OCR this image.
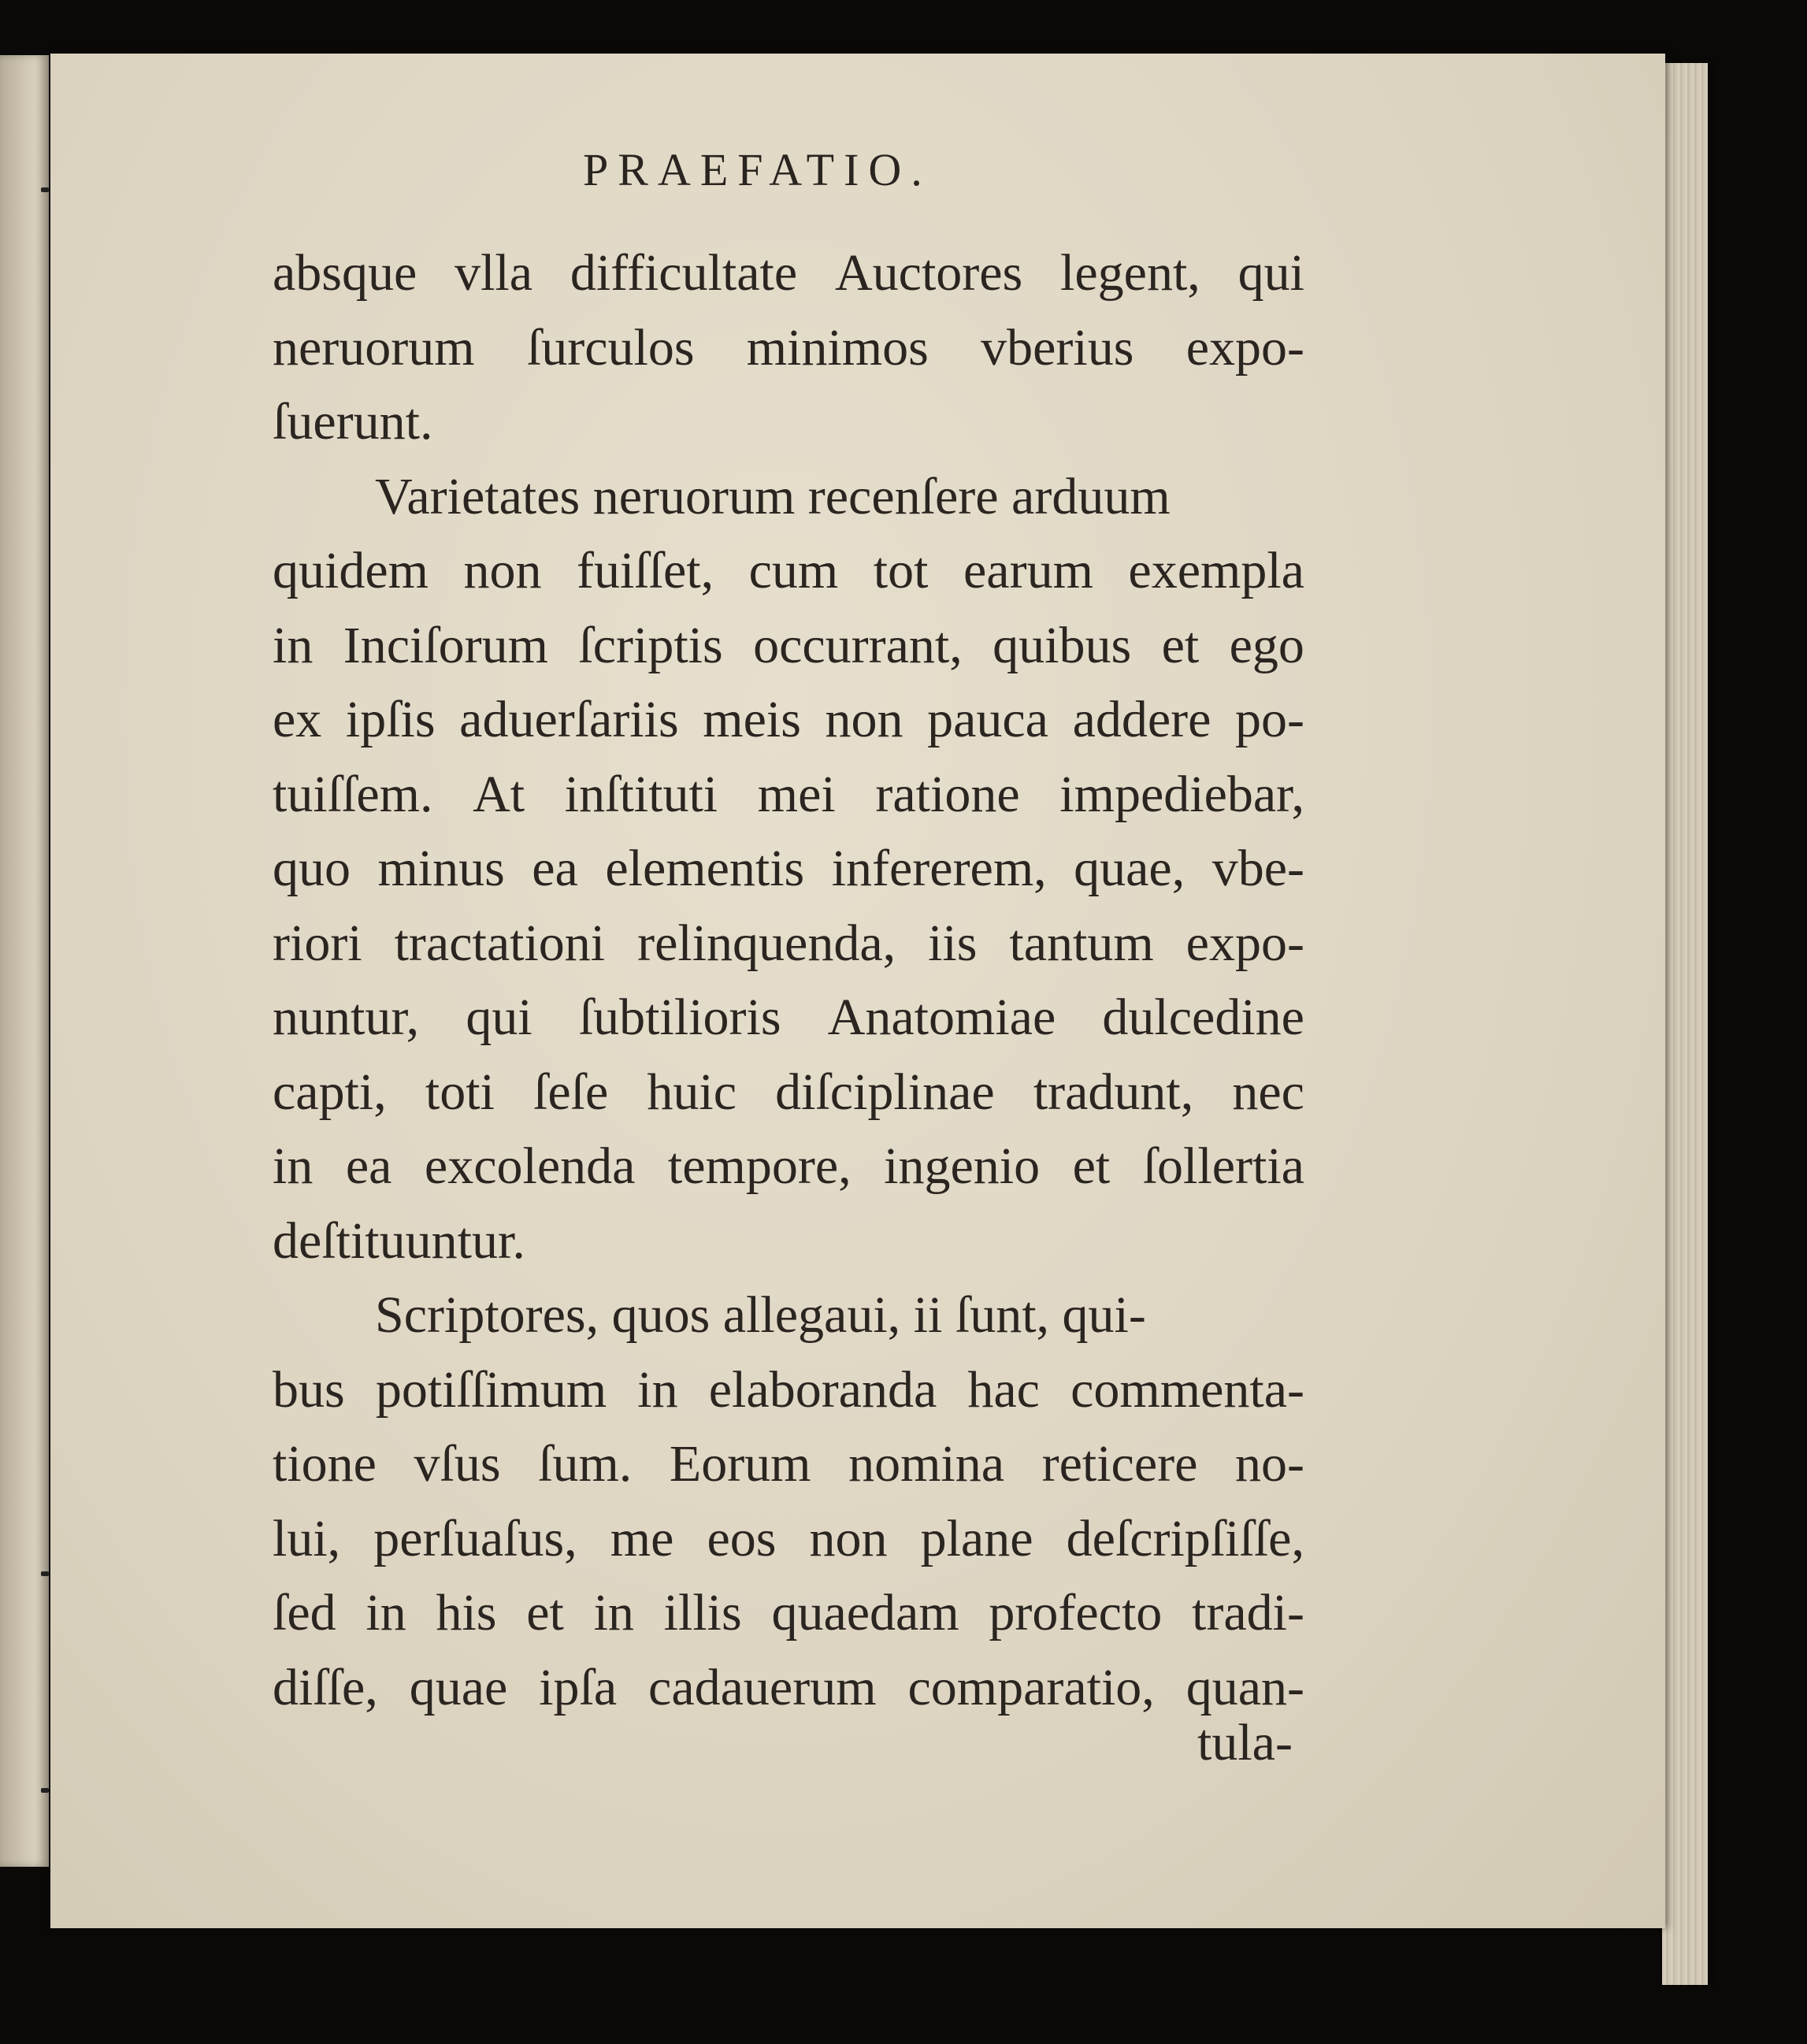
PRAEFATIO.
absque vlla difficultate Auctores legent, qui
neruorum ſurculos minimos vberius expo-
ſuerunt.
Varietates neruorum recenſere arduum
quidem non fuiſſet, cum tot earum exempla
in Inciſorum ſcriptis occurrant, quibus et ego
ex ipſis aduerſariis meis non pauca addere po-
tuiſſem. At inſtituti mei ratione impediebar,
quo minus ea elementis infererem, quae, vbe-
riori tractationi relinquenda, iis tantum expo-
nuntur, qui ſubtilioris Anatomiae dulcedine
capti, toti ſeſe huic diſciplinae tradunt, nec
in ea excolenda tempore, ingenio et ſollertia
deſtituuntur.
Scriptores, quos allegaui, ii ſunt, qui-
bus potiſſimum in elaboranda hac commenta-
tione vſus ſum. Eorum nomina reticere no-
lui, perſuaſus, me eos non plane deſcripſiſſe,
ſed in his et in illis quaedam profecto tradi-
diſſe, quae ipſa cadauerum comparatio, quan-
tula-
